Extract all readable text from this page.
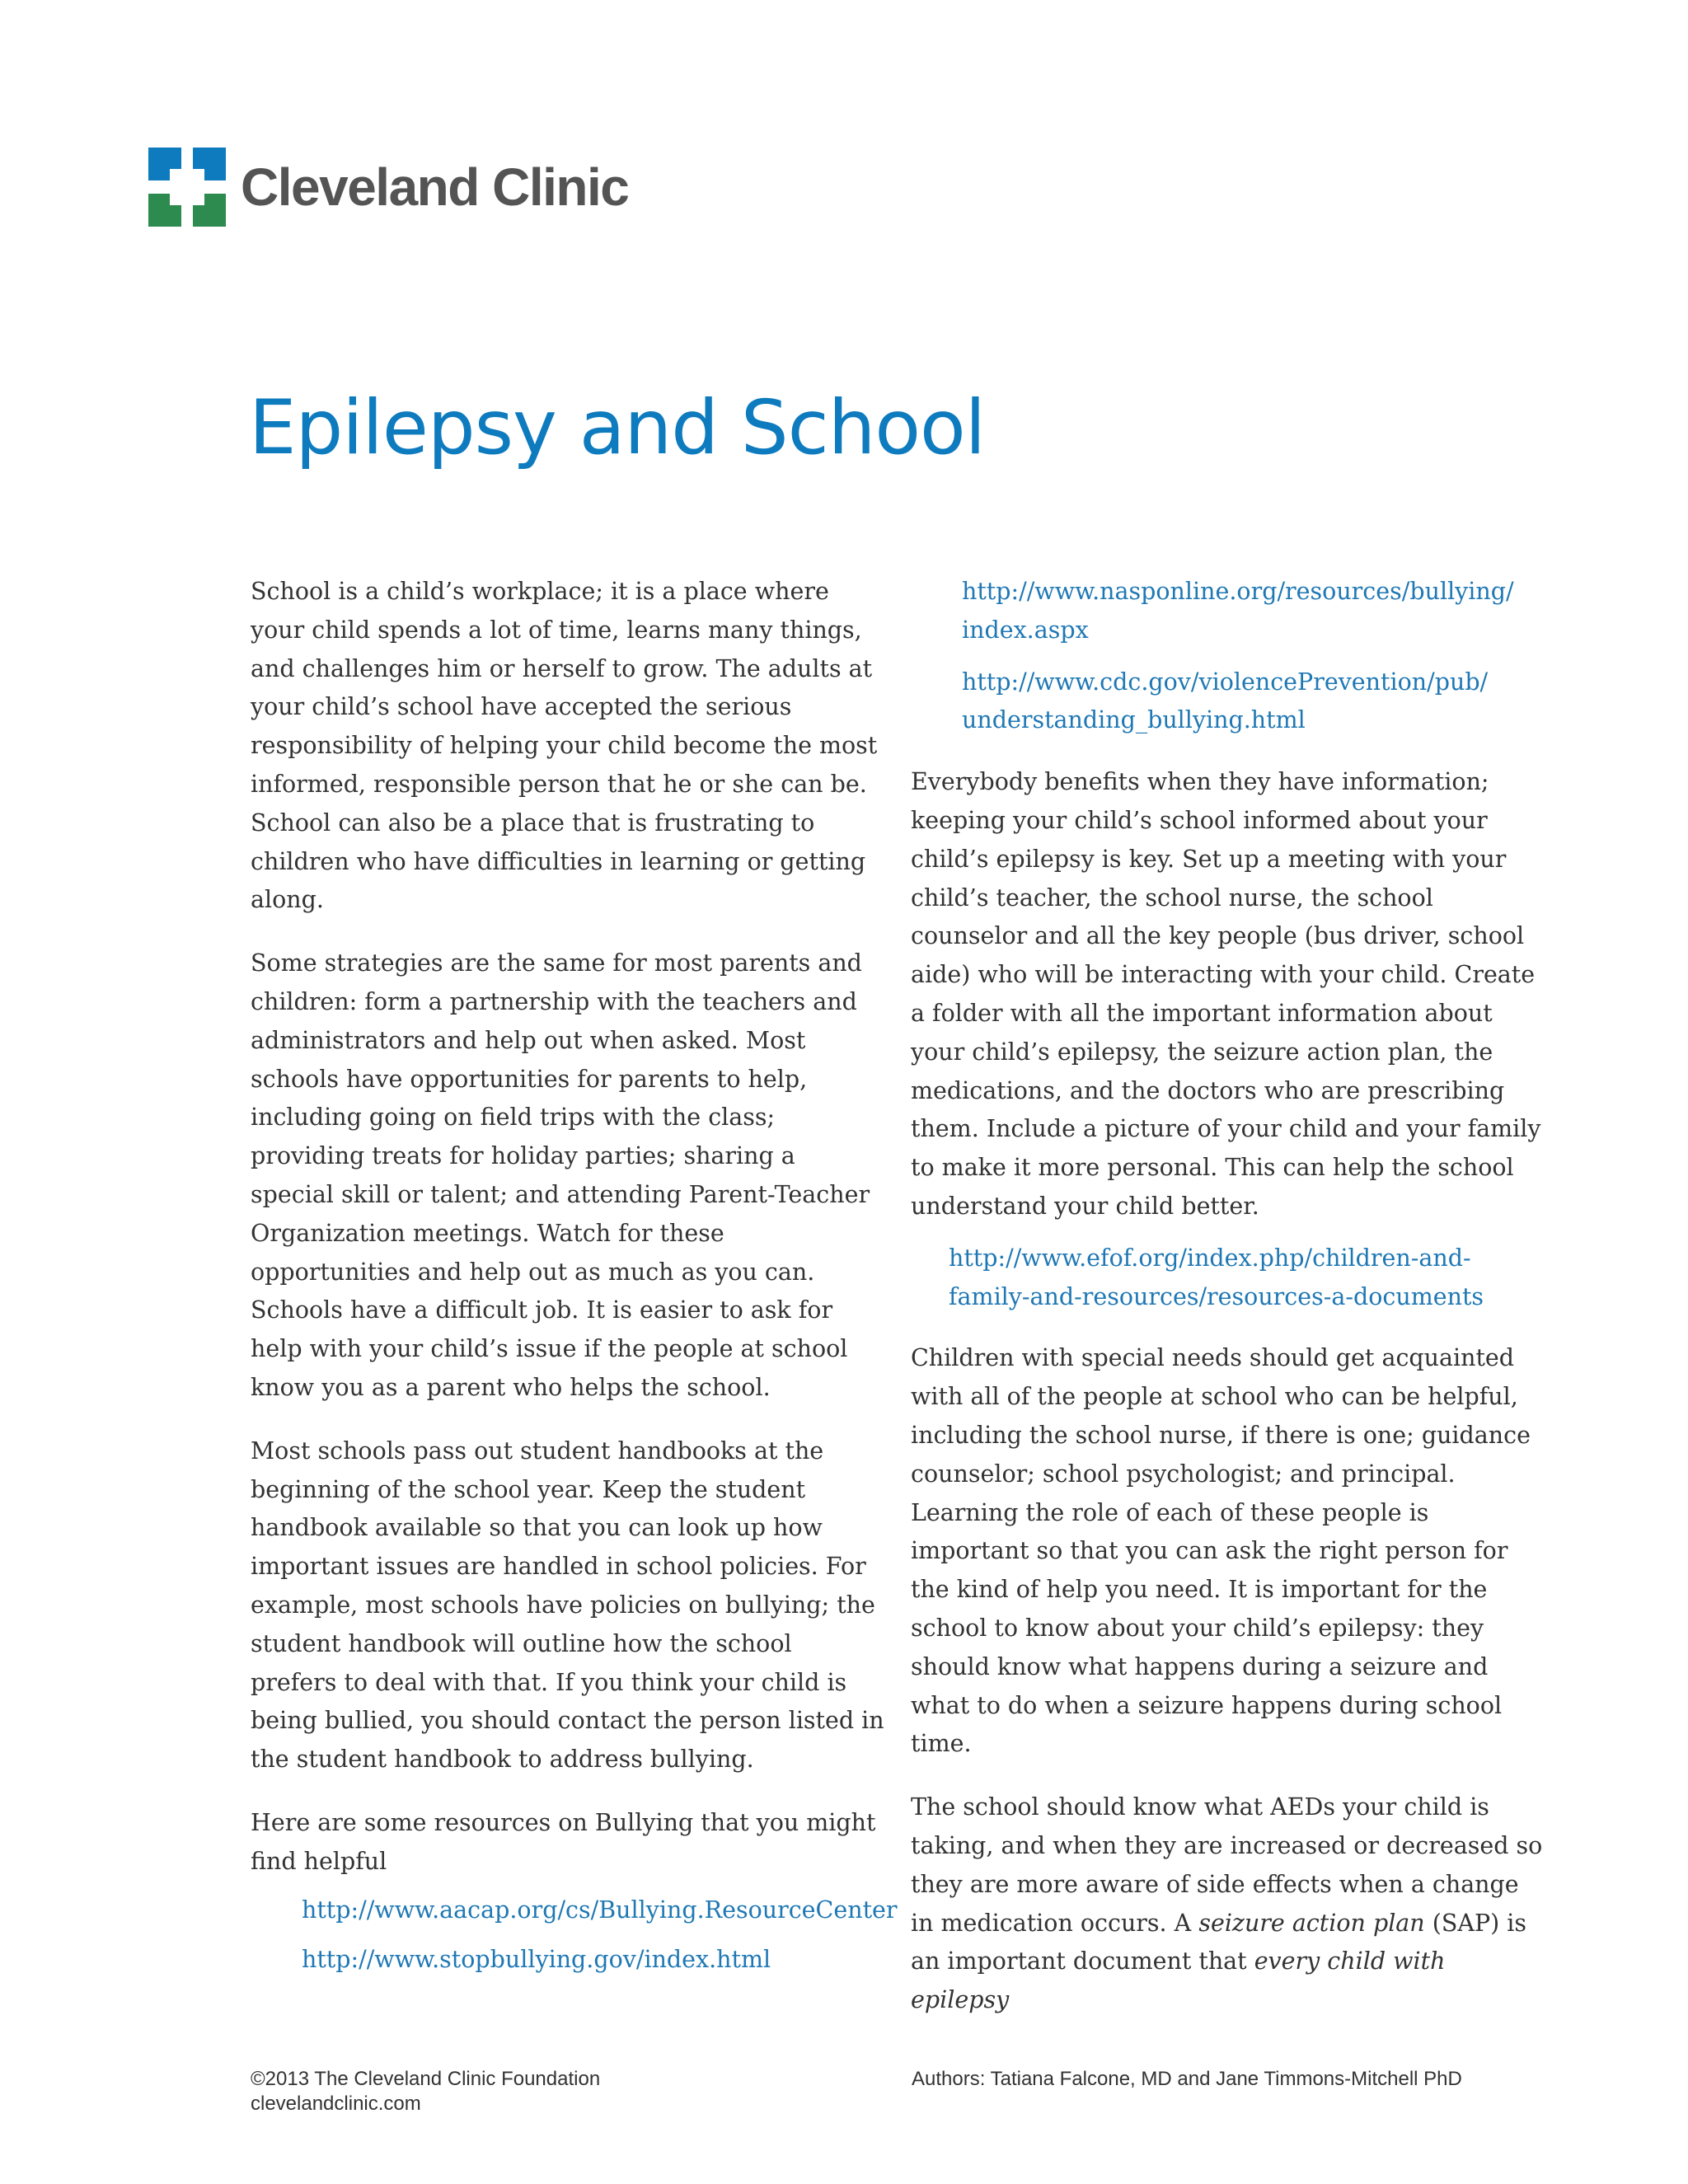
Cleveland Clinic
Epilepsy and School

School is a child’s workplace; it is a place where your child spends a lot of time, learns many things, and challenges him or herself to grow. The adults at your child’s school have accepted the serious responsibility of helping your child become the most informed, responsible person that he or she can be. School can also be a place that is frustrating to children who have difficulties in learning or getting along.

Some strategies are the same for most parents and children: form a partnership with the teachers and administrators and help out when asked. Most schools have opportunities for parents to help, including going on field trips with the class; providing treats for holiday parties; sharing a special skill or talent; and attending Parent-Teacher Organization meetings. Watch for these opportunities and help out as much as you can. Schools have a difficult job. It is easier to ask for help with your child’s issue if the people at school know you as a parent who helps the school.

Most schools pass out student handbooks at the beginning of the school year. Keep the student handbook available so that you can look up how important issues are handled in school policies. For example, most schools have policies on bullying; the student handbook will outline how the school prefers to deal with that. If you think your child is being bullied, you should contact the person listed in the student handbook to address bullying.

Here are some resources on Bullying that you might find helpful

http://www.aacap.org/cs/Bullying.ResourceCenter
http://www.stopbullying.gov/index.html
http://www.nasponline.org/resources/bullying/
index.aspx
http://www.cdc.gov/violencePrevention/pub/
understanding_bullying.html

Everybody benefits when they have information; keeping your child’s school informed about your child’s epilepsy is key. Set up a meeting with your child’s teacher, the school nurse, the school counselor and all the key people (bus driver, school aide) who will be interacting with your child. Create a folder with all the important information about your child’s epilepsy, the seizure action plan, the medications, and the doctors who are prescribing them. Include a picture of your child and your family to make it more personal. This can help the school understand your child better.

http://www.efof.org/index.php/children-and-
family-and-resources/resources-a-documents

Children with special needs should get acquainted with all of the people at school who can be helpful, including the school nurse, if there is one; guidance counselor; school psychologist; and principal. Learning the role of each of these people is important so that you can ask the right person for the kind of help you need. It is important for the school to know about your child’s epilepsy: they should know what happens during a seizure and what to do when a seizure happens during school time.

The school should know what AEDs your child is taking, and when they are increased or decreased so they are more aware of side effects when a change in medication occurs. A seizure action plan (SAP) is an important document that every child with epilepsy

©2013 The Cleveland Clinic Foundation
clevelandclinic.com
Authors: Tatiana Falcone, MD and Jane Timmons-Mitchell PhD
